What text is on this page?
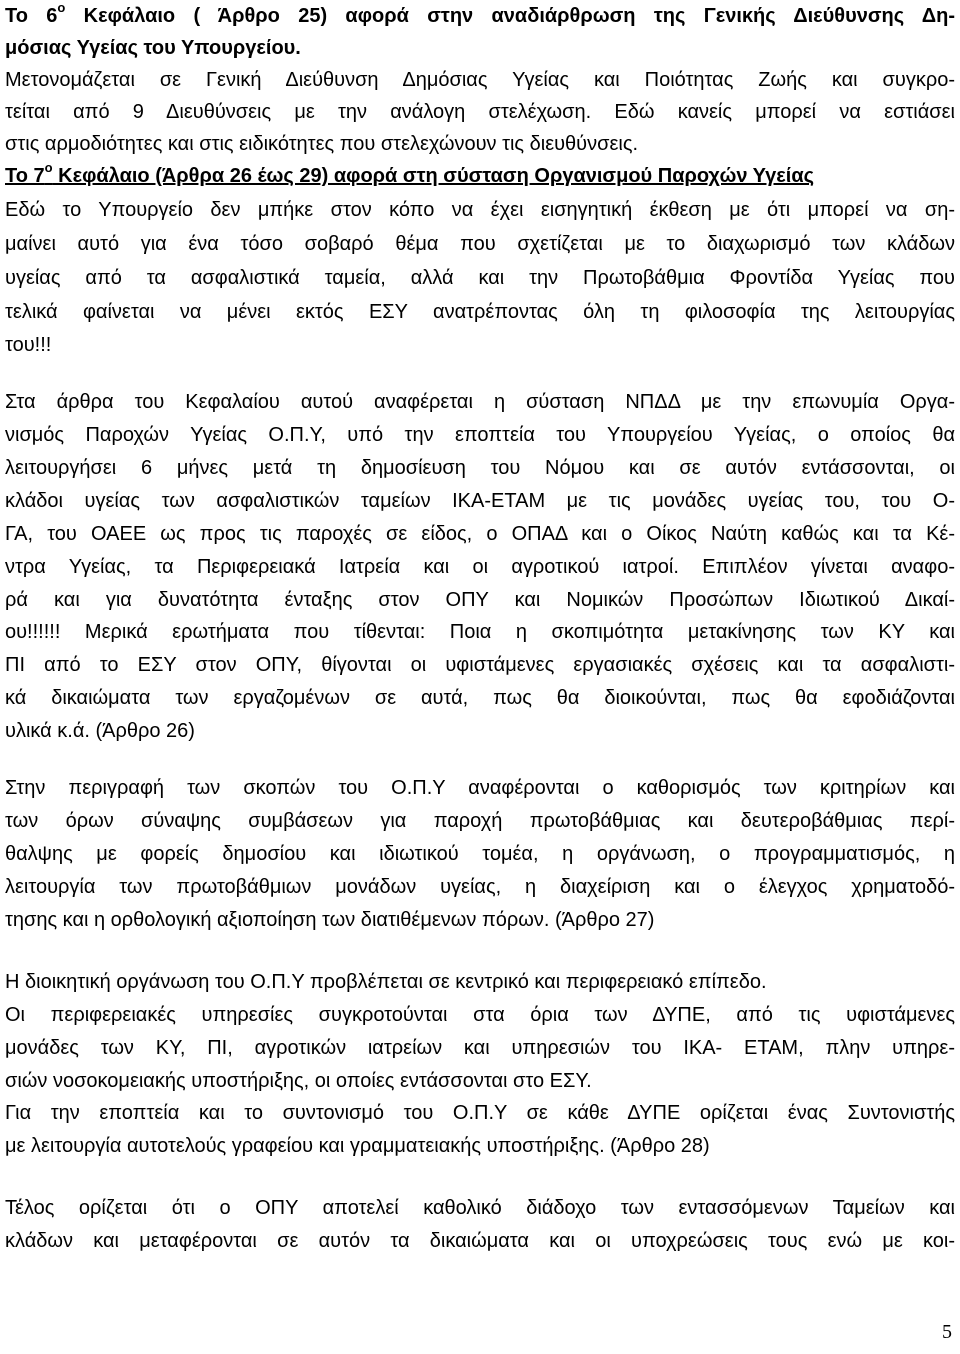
Το $6^o$ Κεφάλαιο ( Άρθρο 25) αφορά στην αναδιάρθρωση της Γενικής Διεύθυνσης Δη-
μόσιας Υγείας του Υπουργείου.
Μετονομάζεται σε Γενική Διεύθυνση Δημόσιας Υγείας και Ποιότητας Ζωής και συγκρο-
τείται από 9 Διευθύνσεις με την ανάλογη στελέχωση. Εδώ κανείς μπορεί να εστιάσει
στις αρμοδιότητες και στις ειδικότητες που στελεχώνουν τις διευθύνσεις.
Το $7^o$ Κεφάλαιο (Άρθρα 26 έως 29) αφορά στη σύσταση Οργανισμού Παροχών Υγείας
Εδώ το Υπουργείο δεν μπήκε στον κόπο να έχει εισηγητική έκθεση με ότι μπορεί να ση-
μαίνει αυτό για ένα τόσο σοβαρό θέμα που σχετίζεται με το διαχωρισμό των κλάδων
υγείας από τα ασφαλιστικά ταμεία, αλλά και την Πρωτοβάθμια Φροντίδα Υγείας που
τελικά φαίνεται να μένει εκτός ΕΣΥ ανατρέποντας όλη τη φιλοσοφία της λειτουργίας
του!!!
Στα άρθρα του Κεφαλαίου αυτού αναφέρεται η σύσταση ΝΠΔΔ με την επωνυμία Οργα-
νισμός Παροχών Υγείας Ο.Π.Υ, υπό την εποπτεία του Υπουργείου Υγείας, ο οποίος θα
λειτουργήσει 6 μήνες μετά τη δημοσίευση του Νόμου και σε αυτόν εντάσσονται, οι
κλάδοι υγείας των ασφαλιστικών ταμείων ΙΚΑ-ΕΤΑΜ με τις μονάδες υγείας του, του Ο-
ΓΑ, του ΟΑΕΕ ως προς τις παροχές σε είδος, ο ΟΠΑΔ και ο Οίκος Ναύτη καθώς και τα Κέ-
ντρα Υγείας, τα Περιφερειακά Ιατρεία και οι αγροτικού ιατροί. Επιπλέον γίνεται αναφο-
ρά και για δυνατότητα ένταξης στον ΟΠΥ και Νομικών Προσώπων Ιδιωτικού Δικαί-
ου!!!!!! Μερικά ερωτήματα που τίθενται: Ποια η σκοπιμότητα μετακίνησης των ΚΥ και
ΠΙ από το ΕΣΥ στον ΟΠΥ, θίγονται οι υφιστάμενες εργασιακές σχέσεις και τα ασφαλιστι-
κά δικαιώματα των εργαζομένων σε αυτά, πως θα διοικούνται, πως θα εφοδιάζονται
υλικά κ.ά. (Άρθρο 26)
Στην περιγραφή των σκοπών του Ο.Π.Υ αναφέρονται ο καθορισμός των κριτηρίων και
των όρων σύναψης συμβάσεων για παροχή πρωτοβάθμιας και δευτεροβάθμιας περί-
θαλψης με φορείς δημοσίου και ιδιωτικού τομέα, η οργάνωση, ο προγραμματισμός, η
λειτουργία των πρωτοβάθμιων μονάδων υγείας, η διαχείριση και ο έλεγχος χρηματοδό-
τησης και η ορθολογική αξιοποίηση των διατιθέμενων πόρων. (Άρθρο 27)
Η διοικητική οργάνωση του Ο.Π.Υ προβλέπεται σε κεντρικό και περιφερειακό επίπεδο.
Οι περιφερειακές υπηρεσίες συγκροτούνται στα όρια των ΔΥΠΕ, από τις υφιστάμενες
μονάδες των ΚΥ, ΠΙ, αγροτικών ιατρείων και υπηρεσιών του ΙΚΑ- ΕΤΑΜ, πλην υπηρε-
σιών νοσοκομειακής υποστήριξης, οι οποίες εντάσσονται στο ΕΣΥ.
Για την εποπτεία και το συντονισμό του Ο.Π.Υ σε κάθε ΔΥΠΕ ορίζεται ένας Συντονιστής
με λειτουργία αυτοτελούς γραφείου και γραμματειακής υποστήριξης. (Άρθρο 28)
Τέλος ορίζεται ότι ο ΟΠΥ αποτελεί καθολικό διάδοχο των εντασσόμενων Ταμείων και
κλάδων και μεταφέρονται σε αυτόν τα δικαιώματα και οι υποχρεώσεις τους ενώ με κοι-
5
